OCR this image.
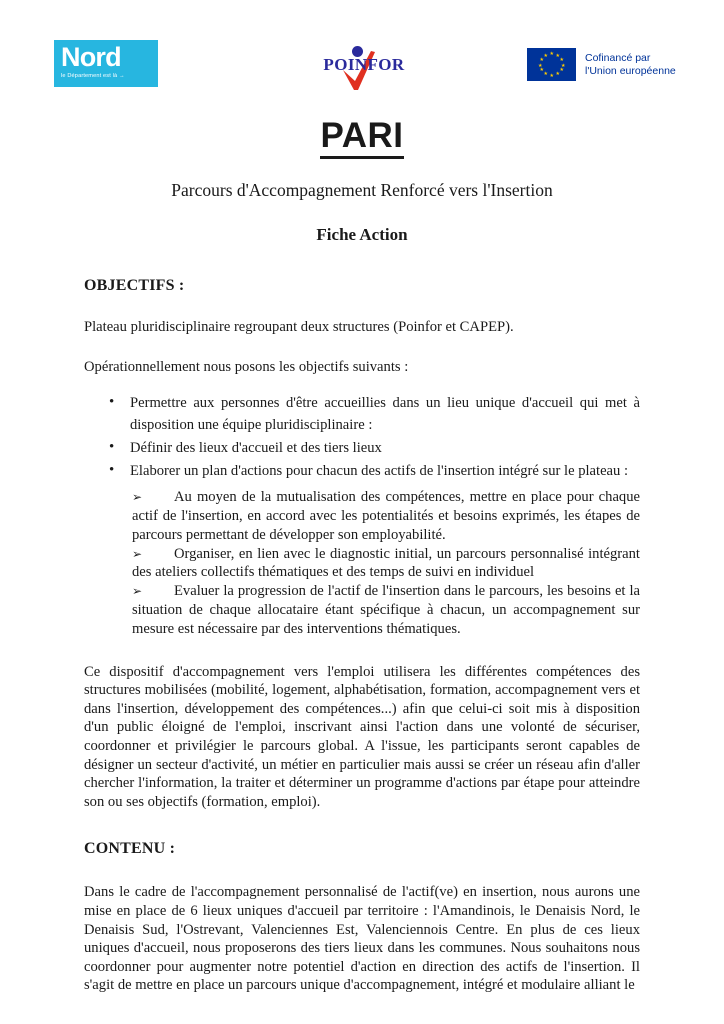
Nord
le Département est là →
POINFOR
★
★ ★
★	★
★	★
★	★
★ ★
★
Cofinancé par
l'Union européenne
PARI
Parcours d'Accompagnement Renforcé vers l'Insertion
Fiche Action
OBJECTIFS :

Plateau pluridisciplinaire regroupant deux structures (Poinfor et CAPEP).

Opérationnellement nous posons les objectifs suivants :

• Permettre aux personnes d'être accueillies dans un lieu unique d'accueil qui met à disposition une équipe pluridisciplinaire :
• Définir des lieux d'accueil et des tiers lieux
• Elaborer un plan d'actions pour chacun des actifs de l'insertion intégré sur le plateau :
➢	Au moyen de la mutualisation des compétences, mettre en place pour chaque actif de l'insertion, en accord avec les potentialités et besoins exprimés, les étapes de parcours permettant de développer son employabilité.
➢	Organiser, en lien avec le diagnostic initial, un parcours personnalisé intégrant des ateliers collectifs thématiques et des temps de suivi en individuel
➢	Evaluer la progression de l'actif de l'insertion dans le parcours, les besoins et la situation de chaque allocataire étant spécifique à chacun, un accompagnement sur mesure est nécessaire par des interventions thématiques.

Ce dispositif d'accompagnement vers l'emploi utilisera les différentes compétences des structures mobilisées (mobilité, logement, alphabétisation, formation, accompagnement vers et dans l'insertion, développement des compétences...) afin que celui-ci soit mis à disposition d'un public éloigné de l'emploi, inscrivant ainsi l'action dans une volonté de sécuriser, coordonner et privilégier le parcours global. A l'issue, les participants seront capables de désigner un secteur d'activité, un métier en particulier mais aussi se créer un réseau afin d'aller chercher l'information, la traiter et déterminer un programme d'actions par étape pour atteindre son ou ses objectifs (formation, emploi).

CONTENU :

Dans le cadre de l'accompagnement personnalisé de l'actif(ve) en insertion, nous aurons une mise en place de 6 lieux uniques d'accueil par territoire : l'Amandinois, le Denaisis Nord, le Denaisis Sud, l'Ostrevant, Valenciennes Est, Valenciennois Centre. En plus de ces lieux uniques d'accueil, nous proposerons des tiers lieux dans les communes. Nous souhaitons nous coordonner pour augmenter notre potentiel d'action en direction des actifs de l'insertion. Il s'agit de mettre en place un parcours unique d'accompagnement, intégré et modulaire alliant le
